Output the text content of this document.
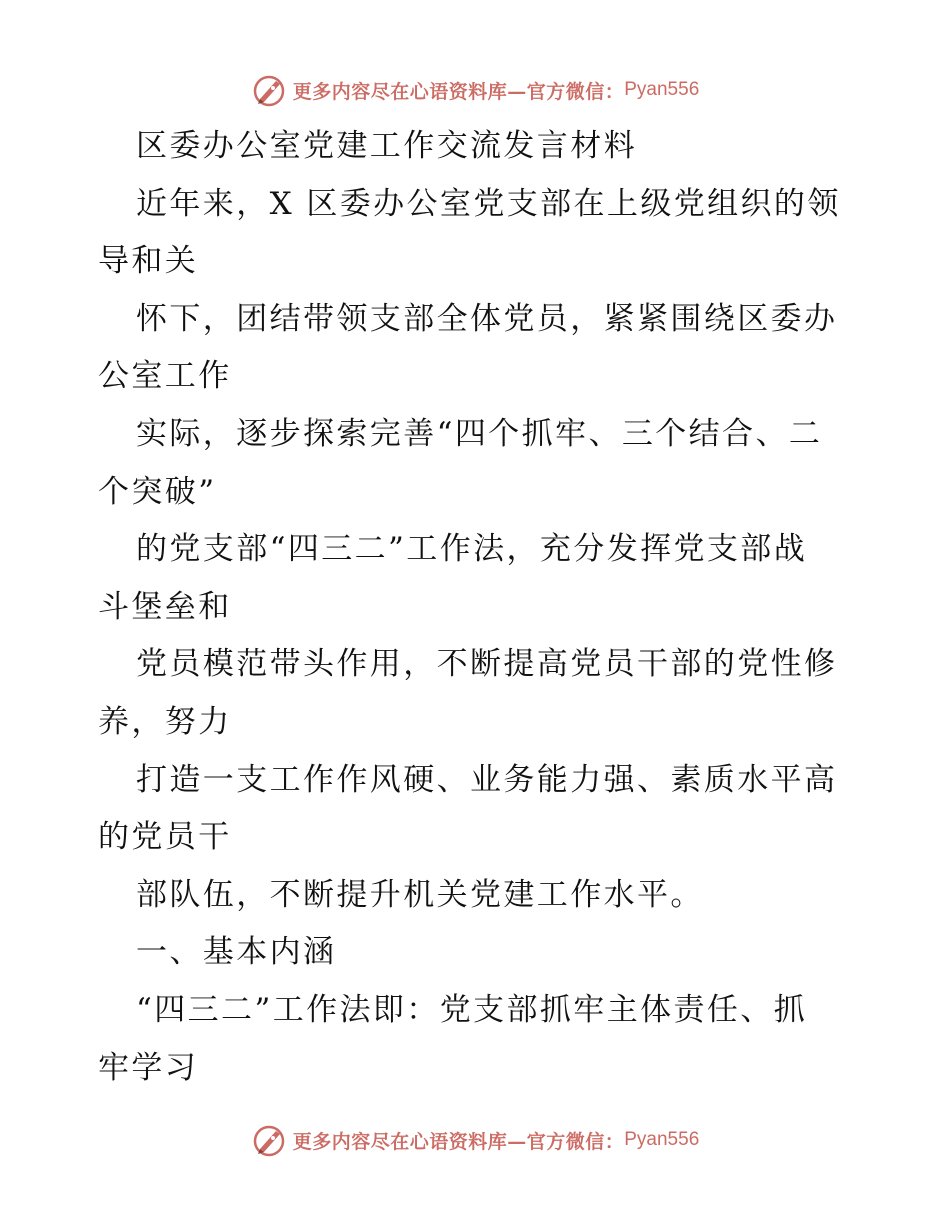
更多内容尽在心语资料库—官方微信： Pyan556
区委办公室党建工作交流发言材料
近年来，X 区委办公室党支部在上级党组织的领
导和关
怀下，团结带领支部全体党员，紧紧围绕区委办
公室工作
实际，逐步探索完善“四个抓牢、三个结合、二
个突破”
的党支部“四三二”工作法，充分发挥党支部战
斗堡垒和
党员模范带头作用，不断提高党员干部的党性修
养，努力
打造一支工作作风硬、业务能力强、素质水平高
的党员干
部队伍，不断提升机关党建工作水平。
一、基本内涵
“四三二”工作法即：党支部抓牢主体责任、抓
牢学习
更多内容尽在心语资料库—官方微信： Pyan556
